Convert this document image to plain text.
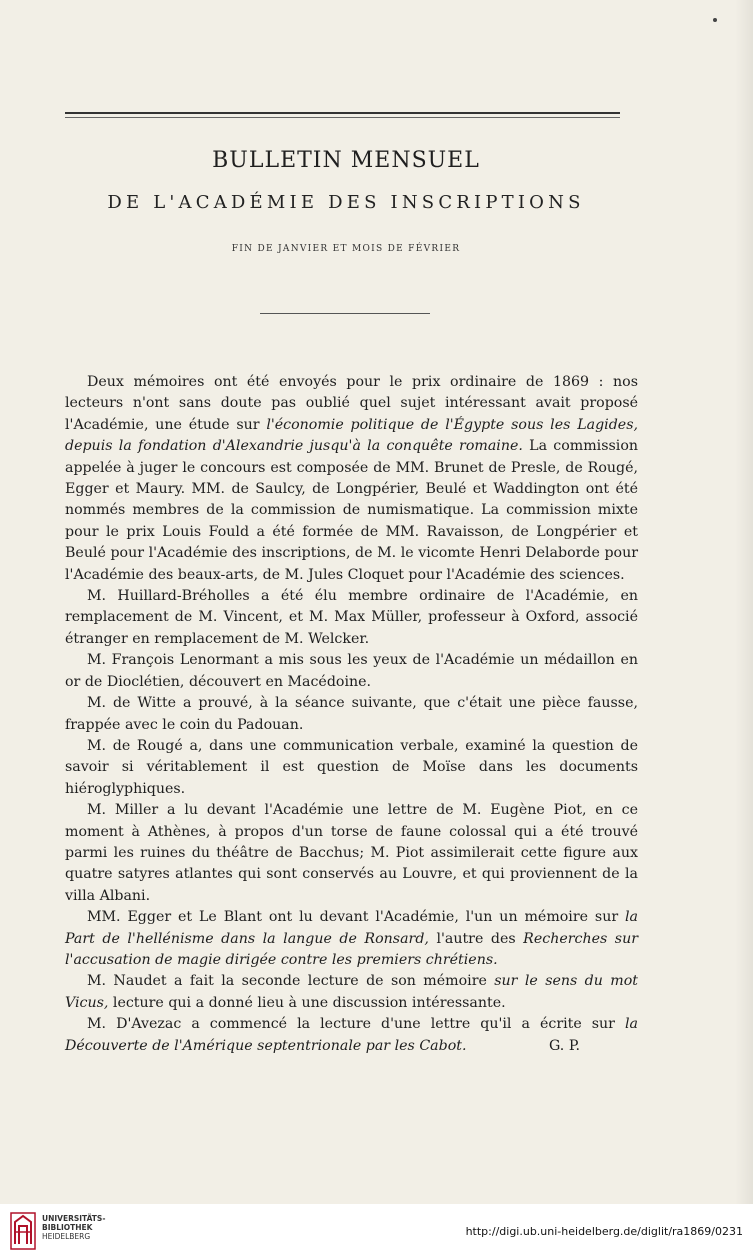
BULLETIN MENSUEL
DE L'ACADÉMIE DES INSCRIPTIONS
FIN DE JANVIER ET MOIS DE FÉVRIER

Deux mémoires ont été envoyés pour le prix ordinaire de 1869 : nos lecteurs n'ont sans doute pas oublié quel sujet intéressant avait proposé l'Académie, une étude sur l'économie politique de l'Égypte sous les Lagides, depuis la fondation d'Alexandrie jusqu'à la conquête romaine. La commission appelée à juger le concours est composée de MM. Brunet de Presle, de Rougé, Egger et Maury. MM. de Saulcy, de Longpérier, Beulé et Waddington ont été nommés membres de la commission de numismatique. La commission mixte pour le prix Louis Fould a été formée de MM. Ravaisson, de Longpérier et Beulé pour l'Académie des inscriptions, de M. le vicomte Henri Delaborde pour l'Académie des beaux-arts, de M. Jules Cloquet pour l'Académie des sciences.

M. Huillard-Bréholles a été élu membre ordinaire de l'Académie, en remplacement de M. Vincent, et M. Max Müller, professeur à Oxford, associé étranger en remplacement de M. Welcker.

M. François Lenormant a mis sous les yeux de l'Académie un médaillon en or de Dioclétien, découvert en Macédoine.

M. de Witte a prouvé, à la séance suivante, que c'était une pièce fausse, frappée avec le coin du Padouan.

M. de Rougé a, dans une communication verbale, examiné la question de savoir si véritablement il est question de Moïse dans les documents hiéroglyphiques.

M. Miller a lu devant l'Académie une lettre de M. Eugène Piot, en ce moment à Athènes, à propos d'un torse de faune colossal qui a été trouvé parmi les ruines du théâtre de Bacchus; M. Piot assimilerait cette figure aux quatre satyres atlantes qui sont conservés au Louvre, et qui proviennent de la villa Albani.

MM. Egger et Le Blant ont lu devant l'Académie, l'un un mémoire sur la Part de l'hellénisme dans la langue de Ronsard, l'autre des Recherches sur l'accusation de magie dirigée contre les premiers chrétiens.

M. Naudet a fait la seconde lecture de son mémoire sur le sens du mot Vicus, lecture qui a donné lieu à une discussion intéressante.

M. D'Avezac a commencé la lecture d'une lettre qu'il a écrite sur la Découverte de l'Amérique septentrionale par les Cabot.	G. P.

UNIVERSITÄTS-
BIBLIOTHEK
HEIDELBERG	http://digi.ub.uni-heidelberg.de/diglit/ra1869/0231
